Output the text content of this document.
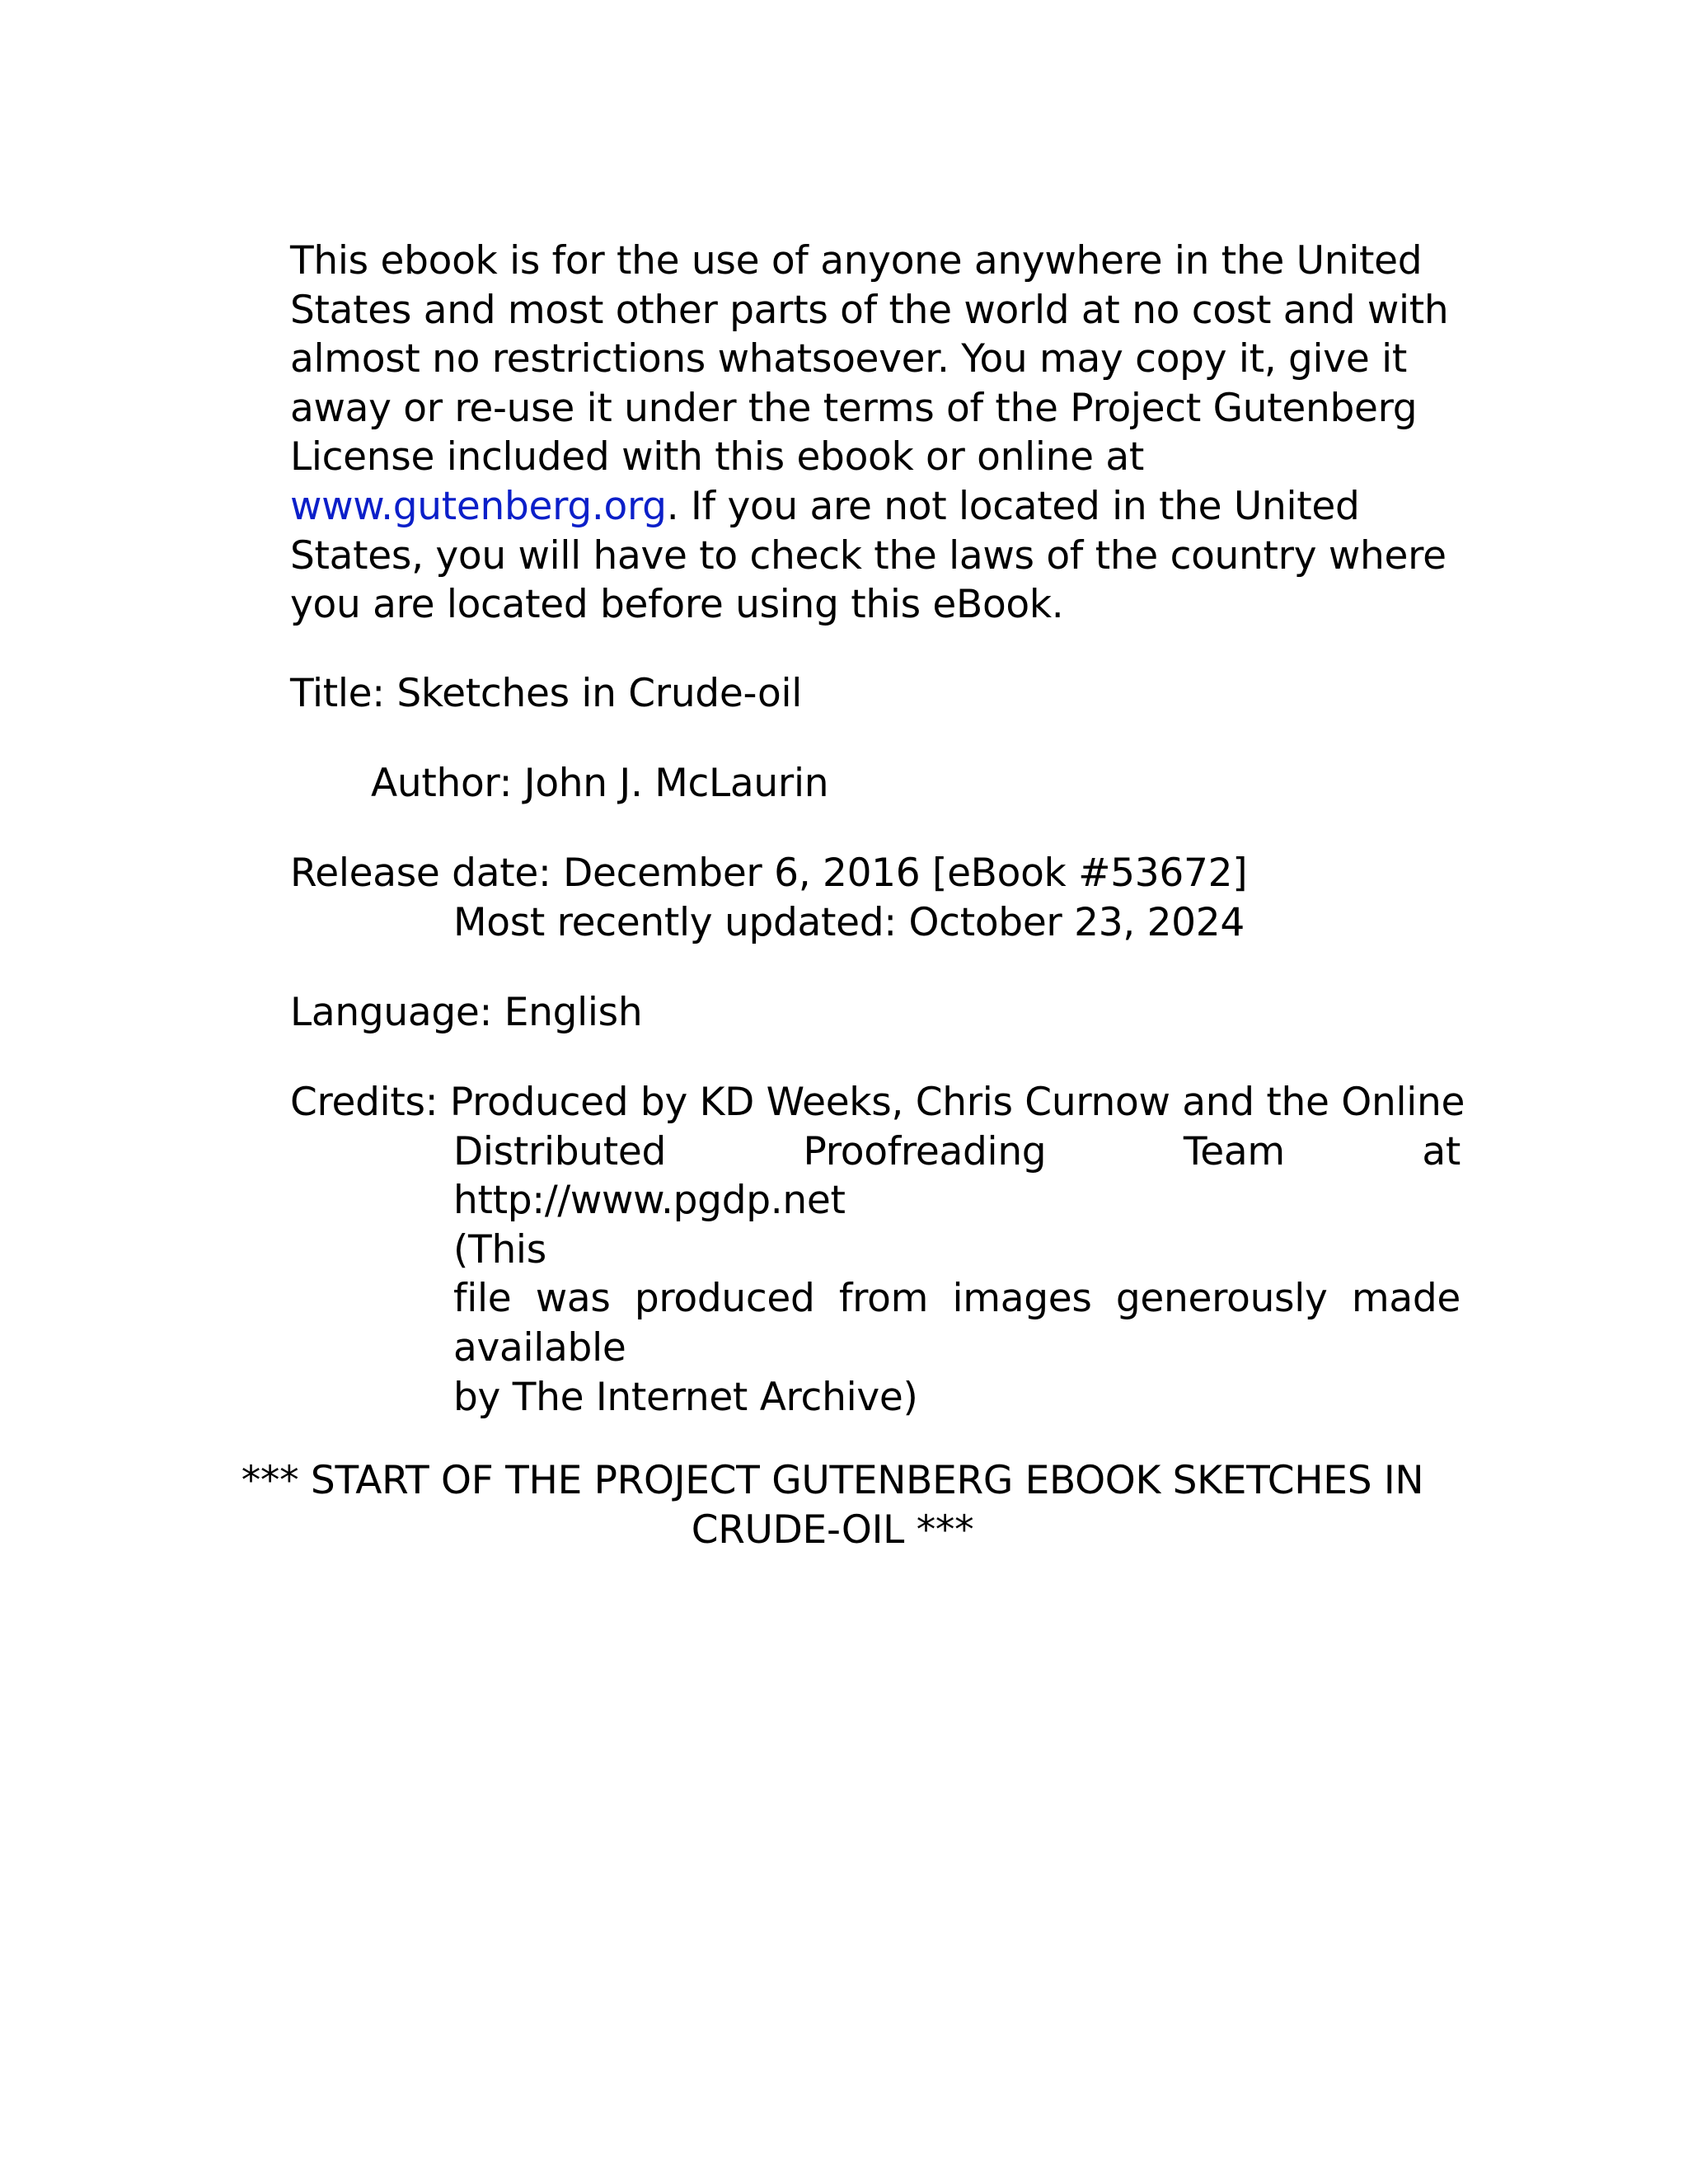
This ebook is for the use of anyone anywhere in the United States and most other parts of the world at no cost and with almost no restrictions whatsoever. You may copy it, give it away or re-use it under the terms of the Project Gutenberg License included with this ebook or online at www.gutenberg.org. If you are not located in the United States, you will have to check the laws of the country where you are located before using this eBook.

Title: Sketches in Crude-oil

Author: John J. McLaurin

Release date: December 6, 2016 [eBook #53672]

Most recently updated: October 23, 2024

Language: English

Credits: Produced by KD Weeks, Chris Curnow and the Online
Distributed Proofreading Team at http://www.pgdp.net
(This
file was produced from images generously made
available
by The Internet Archive)
*** START OF THE PROJECT GUTENBERG EBOOK SKETCHES IN
CRUDE-OIL ***
